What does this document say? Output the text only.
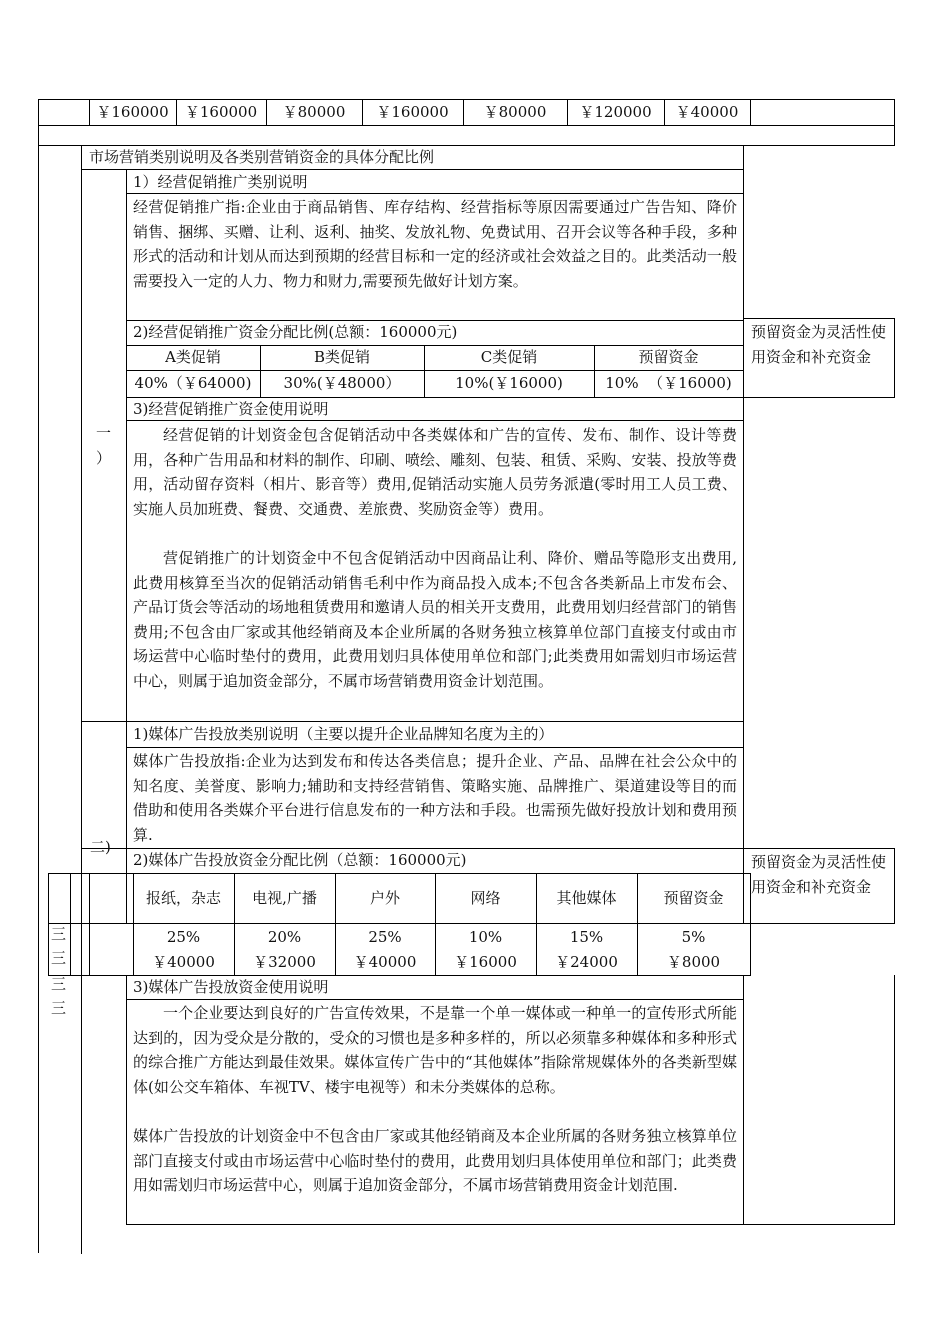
￥160000	￥160000	￥80000	￥160000	￥80000	￥120000	￥40000
市场营销类别说明及各类别营销资金的具体分配比例
一
）
1）经营促销推广类别说明
经营促销推广指:企业由于商品销售、库存结构、经营指标等原因需要通过广告告知、降价销售、捆绑、买赠、让利、返利、抽奖、发放礼物、免费试用、召开会议等各种手段，多种形式的活动和计划从而达到预期的经营目标和一定的经济或社会效益之目的。此类活动一般需要投入一定的人力、物力和财力,需要预先做好计划方案。
2)经营促销推广资金分配比例(总额：160000元)
A类促销	B类促销	C类促销	预留资金
40%（￥64000)	30%(￥48000）	10%(￥16000)	10%  （￥16000)
预留资金为灵活性使用资金和补充资金
3)经营促销推广资金使用说明
经营促销的计划资金包含促销活动中各类媒体和广告的宣传、发布、制作、设计等费用，各种广告用品和材料的制作、印刷、喷绘、雕刻、包装、租赁、采购、安装、投放等费用，活动留存资料（相片、影音等）费用,促销活动实施人员劳务派遣(零时用工人员工费、实施人员加班费、餐费、交通费、差旅费、奖励资金等）费用。
营促销推广的计划资金中不包含促销活动中因商品让利、降价、赠品等隐形支出费用,此费用核算至当次的促销活动销售毛利中作为商品投入成本;不包含各类新品上市发布会、产品订货会等活动的场地租赁费用和邀请人员的相关开支费用，此费用划归经营部门的销售费用;不包含由厂家或其他经销商及本企业所属的各财务独立核算单位部门直接支付或由市场运营中心临时垫付的费用，此费用划归具体使用单位和部门;此类费用如需划归市场运营中心，则属于追加资金部分，不属市场营销费用资金计划范围。
二)
1)媒体广告投放类别说明（主要以提升企业品牌知名度为主的）
媒体广告投放指:企业为达到发布和传达各类信息；提升企业、产品、品牌在社会公众中的知名度、美誉度、影响力;辅助和支持经营销售、策略实施、品牌推广、渠道建设等目的而借助和使用各类媒介平台进行信息发布的一种方法和手段。也需预先做好投放计划和费用预算.
2)媒体广告投放资金分配比例（总额：160000元)	预留资金为灵活性使用资金和补充资金
报纸，杂志	电视,广播	户外	网络	其他媒体	预留资金
25%	20%	25%	10%	15%	5%
￥40000	￥32000	￥40000	￥16000	￥24000	￥8000
三
三
三
三
3)媒体广告投放资金使用说明
一个企业要达到良好的广告宣传效果，不是靠一个单一媒体或一种单一的宣传形式所能达到的，因为受众是分散的，受众的习惯也是多种多样的，所以必须靠多种媒体和多种形式的综合推广方能达到最佳效果。媒体宣传广告中的“其他媒体”指除常规媒体外的各类新型媒体(如公交车箱体、车视TV、楼宇电视等）和未分类媒体的总称。
媒体广告投放的计划资金中不包含由厂家或其他经销商及本企业所属的各财务独立核算单位部门直接支付或由市场运营中心临时垫付的费用，此费用划归具体使用单位和部门；此类费用如需划归市场运营中心，则属于追加资金部分，不属市场营销费用资金计划范围.
